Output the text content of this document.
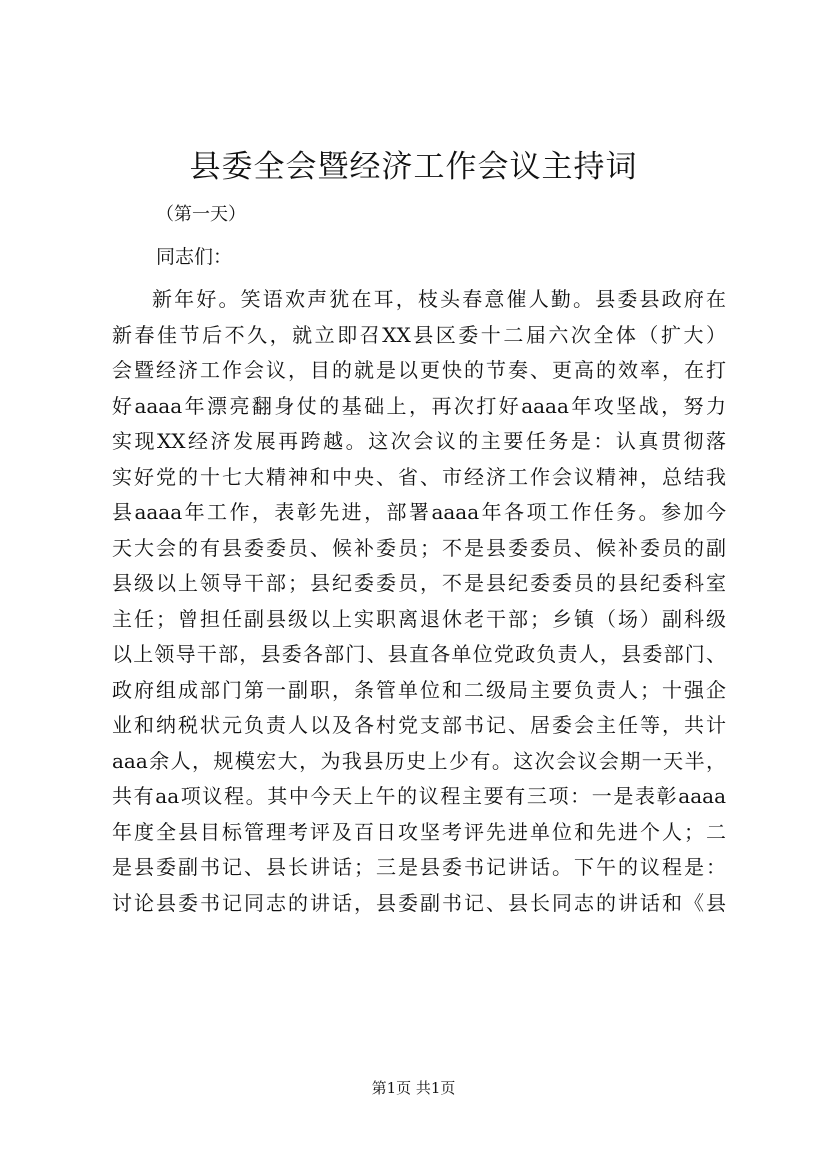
县委全会暨经济工作会议主持词

（第一天）

同志们：

新年好。笑语欢声犹在耳，枝头春意催人勤。县委县政府在
新春佳节后不久，就立即召XX县区委十二届六次全体（扩大）
会暨经济工作会议，目的就是以更快的节奏、更高的效率，在打
好aaaa年漂亮翻身仗的基础上，再次打好aaaa年攻坚战，努力
实现XX经济发展再跨越。这次会议的主要任务是：认真贯彻落
实好党的十七大精神和中央、省、市经济工作会议精神，总结我
县aaaa年工作，表彰先进，部署aaaa年各项工作任务。参加今
天大会的有县委委员、候补委员；不是县委委员、候补委员的副
县级以上领导干部；县纪委委员，不是县纪委委员的县纪委科室
主任；曾担任副县级以上实职离退休老干部；乡镇（场）副科级
以上领导干部，县委各部门、县直各单位党政负责人，县委部门、
政府组成部门第一副职，条管单位和二级局主要负责人；十强企
业和纳税状元负责人以及各村党支部书记、居委会主任等，共计
aaa余人，规模宏大，为我县历史上少有。这次会议会期一天半，
共有aa项议程。其中今天上午的议程主要有三项：一是表彰aaaa
年度全县目标管理考评及百日攻坚考评先进单位和先进个人；二
是县委副书记、县长讲话；三是县委书记讲话。下午的议程是：
讨论县委书记同志的讲话，县委副书记、县长同志的讲话和《县

第1页 共1页
